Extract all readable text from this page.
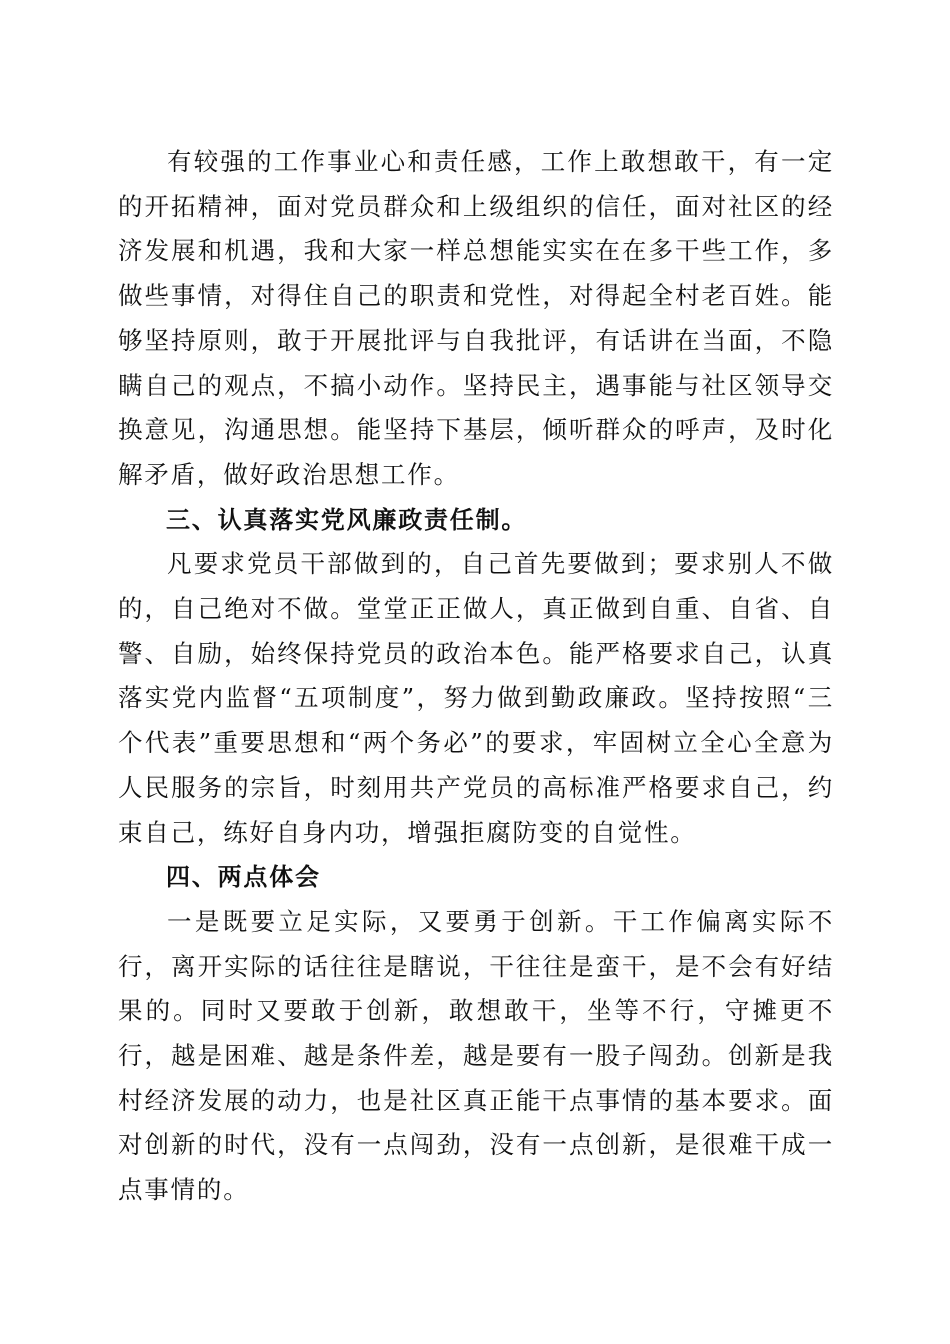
有较强的工作事业心和责任感，工作上敢想敢干，有一定的开拓精神，面对党员群众和上级组织的信任，面对社区的经济发展和机遇，我和大家一样总想能实实在在多干些工作，多做些事情，对得住自己的职责和党性，对得起全村老百姓。能够坚持原则，敢于开展批评与自我批评，有话讲在当面，不隐瞒自己的观点，不搞小动作。坚持民主，遇事能与社区领导交换意见，沟通思想。能坚持下基层，倾听群众的呼声，及时化解矛盾，做好政治思想工作。

三、认真落实党风廉政责任制。

凡要求党员干部做到的，自己首先要做到；要求别人不做的，自己绝对不做。堂堂正正做人，真正做到自重、自省、自警、自励，始终保持党员的政治本色。能严格要求自己，认真落实党内监督“五项制度”，努力做到勤政廉政。坚持按照“三个代表”重要思想和“两个务必”的要求，牢固树立全心全意为人民服务的宗旨，时刻用共产党员的高标准严格要求自己，约束自己，练好自身内功，增强拒腐防变的自觉性。

四、两点体会

一是既要立足实际，又要勇于创新。干工作偏离实际不行，离开实际的话往往是瞎说，干往往是蛮干，是不会有好结果的。同时又要敢于创新，敢想敢干，坐等不行，守摊更不行，越是困难、越是条件差，越是要有一股子闯劲。创新是我村经济发展的动力，也是社区真正能干点事情的基本要求。面对创新的时代，没有一点闯劲，没有一点创新，是很难干成一点事情的。
